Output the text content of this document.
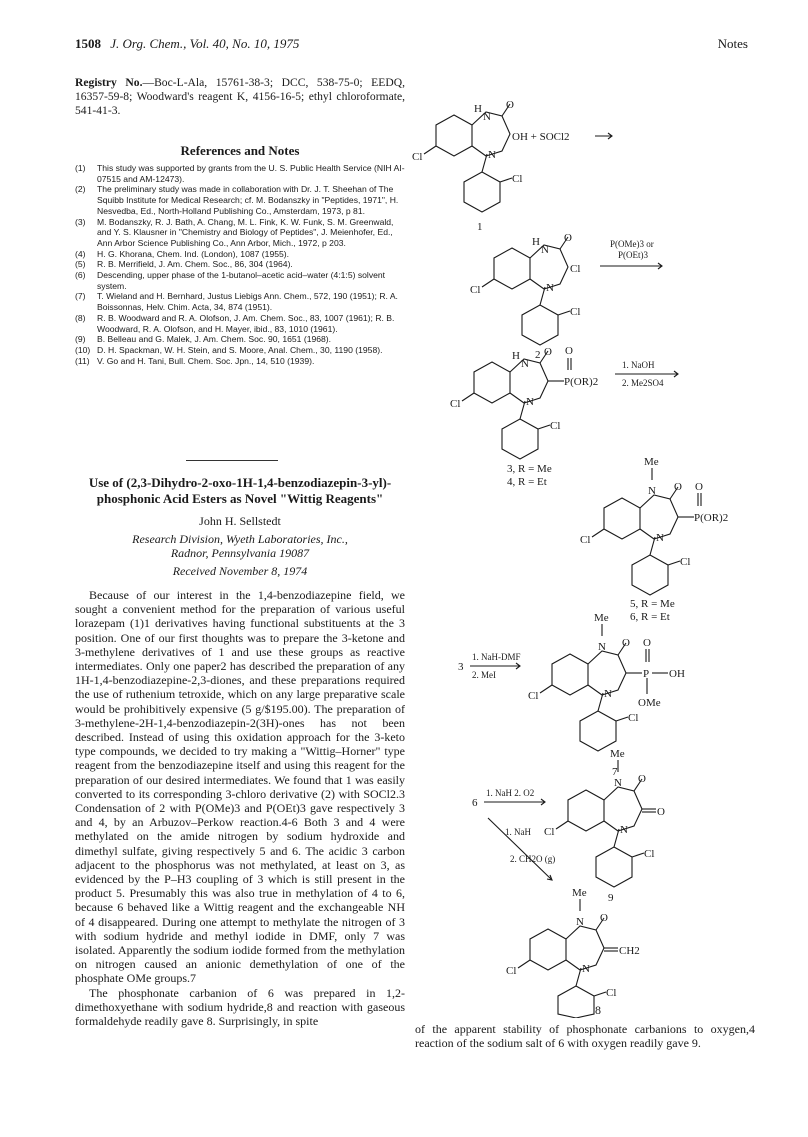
1508 J. Org. Chem., Vol. 40, No. 10, 1975	Notes
Registry No.—Boc-L-Ala, 15761-38-3; DCC, 538-75-0; EEDQ, 16357-59-8; Woodward's reagent K, 4156-16-5; ethyl chloroformate, 541-41-3.
References and Notes

(1) This study was supported by grants from the U. S. Public Health Service (NIH AI-07515 and AM-12473).

(2) The preliminary study was made in collaboration with Dr. J. T. Sheehan of The Squibb Institute for Medical Research; cf. M. Bodanszky in "Peptides, 1971", H. Nesvedba, Ed., North-Holland Publishing Co., Amsterdam, 1973, p 81.

(3) M. Bodanszky, R. J. Bath, A. Chang, M. L. Fink, K. W. Funk, S. M. Greenwald, and Y. S. Klausner in "Chemistry and Biology of Peptides", J. Meienhofer, Ed., Ann Arbor Science Publishing Co., Ann Arbor, Mich., 1972, p 203.

(4) H. G. Khorana, Chem. Ind. (London), 1087 (1955).

(5) R. B. Merrifield, J. Am. Chem. Soc., 86, 304 (1964).

(6) Descending, upper phase of the 1-butanol–acetic acid–water (4:1:5) solvent system.

(7) T. Wieland and H. Bernhard, Justus Liebigs Ann. Chem., 572, 190 (1951); R. A. Boissonnas, Helv. Chim. Acta, 34, 874 (1951).

(8) R. B. Woodward and R. A. Olofson, J. Am. Chem. Soc., 83, 1007 (1961); R. B. Woodward, R. A. Olofson, and H. Mayer, ibid., 83, 1010 (1961).

(9) B. Belleau and G. Malek, J. Am. Chem. Soc. 90, 1651 (1968).

(10) D. H. Spackman, W. H. Stein, and S. Moore, Anal. Chem., 30, 1190 (1958).

(11) V. Go and H. Tani, Bull. Chem. Soc. Jpn., 14, 510 (1939).

Use of (2,3-Dihydro-2-oxo-1H-1,4-benzodiazepin-3-yl)-phosphonic Acid Esters as Novel "Wittig Reagents"
John H. Sellstedt
Research Division, Wyeth Laboratories, Inc.,
Radnor, Pennsylvania 19087
Received November 8, 1974

Because of our interest in the 1,4-benzodiazepine field, we sought a convenient method for the preparation of various useful lorazepam (1)1 derivatives having functional substituents at the 3 position. One of our first thoughts was to prepare the 3-ketone and 3-methylene derivatives of 1 and use these groups as reactive intermediates. Only one paper2 has described the preparation of any 1H-1,4-benzodiazepine-2,3-diones, and these preparations required the use of ruthenium tetroxide, which on any large preparative scale would be prohibitively expensive (5 g/$195.00). The preparation of 3-methylene-2H-1,4-benzodiazepin-2(3H)-ones has not been described. Instead of using this oxidation approach for the 3-keto type compounds, we decided to try making a "Wittig–Horner" type reagent from the benzodiazepine itself and using this reagent for the preparation of our desired intermediates. We found that 1 was easily converted to its corresponding 3-chloro derivative (2) with SOCl2.3 Condensation of 2 with P(OMe)3 and P(OEt)3 gave respectively 3 and 4, by an Arbuzov–Perkow reaction.4-6 Both 3 and 4 were methylated on the amide nitrogen by sodium hydroxide and dimethyl sulfate, giving respectively 5 and 6. The acidic 3 carbon adjacent to the phosphorus was not methylated, at least on 3, as evidenced by the P–H3 coupling of 3 which is still present in the product 5. Presumably this was also true in methylation of 4 to 6, because 6 behaved like a Wittig reagent and the exchangeable NH of 4 disappeared. During one attempt to methylate the nitrogen of 3 with sodium hydride and methyl iodide in DMF, only 7 was isolated. Apparently the sodium iodide formed from the methylation on nitrogen caused an anionic demethylation of one of the phosphate OMe groups.7

The phosphonate carbanion of 6 was prepared in 1,2-dimethoxyethane with sodium hydride,8 and reaction with gaseous formaldehyde readily gave 8. Surprisingly, in spite

of the apparent stability of phosphonate carbanions to oxygen,4 reaction of the sodium salt of 6 with oxygen readily gave 9.

H
N
O
OH + SOCl2
N
Cl
Cl
1
H
N
O
Cl
N
Cl
Cl
P(OMe)3 or
P(OEt)3
2
H
N
O O
P(OR)2
N
Cl
Cl
1. NaOH
2. Me2SO4
3, R = Me
4, R = Et
Me
N O O
P(OR)2
N
Cl
Cl
5, R = Me
6, R = Et
3
1. NaH-DMF
2. MeI
Me
N O O
P OH
OMe
N
Cl
Cl
7
6
1. NaH 2. O2
Me
N O
O
N
Cl
Cl
9
1. NaH
2. CH2O (g)
Me
N O
CH2
N
Cl
Cl
8
